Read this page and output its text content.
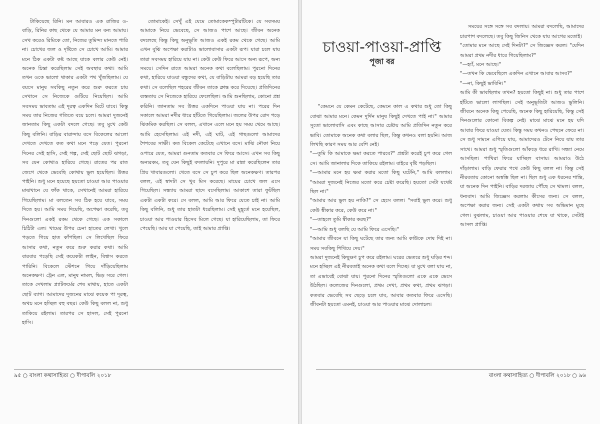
টাকিয়েছে রিনি। মন আবারও এক রাজির ও-বাড়ি, রিনির কাছ থেকে যে আমার মন বন্য আমায়। সেখ করেও রিমিকে তো, নিজের তুমিন্দ্য মানতে পারি না। চোখের জল ও দৃষ্টিতে সে চোখে আমি। আমার মনে ঠিক একটা কষ্ট আছে যাকে বলার কেউ নেই। অনেক চিন্তা করেছিলাম সেই অবস্থার কথা। আমি তখন ওকে ভালো থাকার একটা পথ খুঁজছিলাম। যে বয়সে মানুষ সবকিছু নতুন করে শুরু করতে চায় সেখানে সে নিজেকে গুটিয়ে নিয়েছিল। আমি সবসময় ভাবতাম এই দূরত্ব একদিন মিটে যাবে। কিন্তু সময় তার নিজের গতিতে বয়ে চলে। আমরা দুজনেই জানতাম কিছু একটা বদলে গেছে। তবু মুখে কেউ কিছু বলিনি। বাড়ির বারান্দায় বসে বিকেলের আলো দেখতে দেখতে কত কথা মনে পড়ে যেত। পুরনো দিনের সেই হাসি, সেই গল্প, সেই ছোট ছোট ঝগড়া, সব যেন কোথাও হারিয়ে গেছে। রাতের পর রাত জেগে থেকে ভেবেছি কোথায় ভুল হয়েছিল। উত্তর পাইনি। শুধু মনে হয়েছে হয়তো চাওয়া আর পাওয়ার মাঝখানে যে ফাঁক থাকে, সেখানেই আমরা হারিয়ে গিয়েছিলাম। মা বলতেন সব ঠিক হয়ে যাবে, সময় দিতে হয়। আমি সময় দিয়েছি, অপেক্ষা করেছি, তবু দিনগুলো একই রকম থেকে গেছে। এক সকালে চিঠিটা এল। খামের উপর চেনা হাতের লেখা। খুলে পড়তে গিয়ে হাত কাঁপছিল। সে লিখেছিল ফিরে আসার কথা, নতুন করে শুরু করার কথা। আমি বারবার পড়েছি সেই কয়েকটা লাইন, বিশ্বাস করতে পারিনি। বিকেলে স্টেশনে গিয়ে দাঁড়িয়েছিলাম অনেকক্ষণ। ট্রেন এল, মানুষ নামল, ভিড় সরে গেল। তাকে দেখলাম প্ল্যাটফর্মের শেষ মাথায়, হাতে একটা ছোট ব্যাগ। আমাদের দুজনের মাঝে কয়েক পা দূরত্ব, অথচ মনে হচ্ছিল বহু বছর। কেউ কিছু বলল না, শুধু তাকিয়ে রইলাম। তারপর সে হাসল, সেই পুরনো হাসি।

তোমাকেই। সেখুঁ এই যেমে তোমাকেকম্পুটারটিকে। যে সবসময় আমাকে নিয়ে ভেবেছে, সে আজও পাশে আছে। জীবন অনেক বদলেছে কিন্তু কিছু অনুভূতি আজও একই রকম থেকে গেছে। আমি এখন বুঝি অপেক্ষা করাটাও ভালোবাসার একটা রূপ। যারা চলে যায় তারা সবসময় হারিয়ে যায় না। কেউ কেউ ফিরে আসে অন্য রূপে, অন্য সময়ে। সেদিন রাতে আমরা অনেক কথা বলেছিলাম। পুরনো দিনের কথা, হারিয়ে যাওয়া বন্ধুদের কথা, যে বাড়িটায় আমরা বড় হয়েছি তার কথা। সে বলেছিল শহরের জীবন তাকে ক্লান্ত করে দিয়েছে। প্রতিদিনের ব্যস্ততায় সে নিজেকে হারিয়ে ফেলেছিল। আমি শুনছিলাম, কোনো প্রশ্ন করিনি। জানতাম সব উত্তর একদিনে পাওয়া যায় না। পরের দিন সকালে আমরা নদীর ধারে হাঁটতে গিয়েছিলাম। জলের উপর রোদ পড়ে ঝিকমিক করছিল। সে বলল, এখানে এলে মনে হয় সময় থেমে আছে। আমি হেসেছিলাম। এই নদী, এই ঘাট, এই গাছগুলো আমাদের শৈশবের সাক্ষী। কত বিকেল কেটেছে এখানে বসে। মাঝি নৌকা নিয়ে ওপারে যেত, আমরা গুনতাম কতবার সে ফিরে আসে। এখন সব কিছু অন্যরকম, তবু যেন কিছুই বদলায়নি। দুপুরে মা রান্না করেছিলেন তার প্রিয় খাবারগুলো। খেতে বসে সে চুপ করে ছিল অনেকক্ষণ। তারপর বলল, এই স্বাদটা সে খুব মিস করেছে। মায়ের চোখে জল এসে গিয়েছিল। সন্ধ্যায় আমরা ছাদে বসেছিলাম। আকাশে তারা ফুটছিল একটা একটা করে। সে বলল, আমি আর ফিরে যেতে চাই না। আমি কিছু বলিনি, শুধু তার হাতটা ধরেছিলাম। সেই মুহূর্তে মনে হয়েছিল, চাওয়া আর পাওয়ার হিসেব মিলে গেছে। যা হারিয়েছিলাম, তা ফিরে পেয়েছি। আর যা পেয়েছি, তাই আমার প্রাপ্তি।

৯৫ ○ বাংলা কথাসাহিত্য ○ দীপাবলি ২০১৮

"কেমনে যে কেমন কেটেছে, কেমনে কাল এ কথার শুধু তো কিছু বোঝা আমার মনে। কেমন দুর্দিন মানুষ কিছুই দেখতে পাই না।" আমার সুতো ভালোবাসি এবং কাছে আসার চেষ্টায় আমি প্রতিদিন নতুন করে ভাবি। তোমাকে অনেক কথা বলার ছিল, কিন্তু কখনও বলা হয়নি। আজ লিখছি কারণ সময় আর বেশি নেই।
"—তুমি কি আমাকে ক্ষমা করতে পারবে?" প্রশ্নটা করেই চুপ করে গেল সে। আমি জানালার দিকে তাকিয়ে রইলাম। বাইরে বৃষ্টি পড়ছিল।
"—আমার মনে হয় ক্ষমা করার মতো কিছু ঘটেনি," আমি বললাম। "আমরা দুজনেই নিজের মতো করে চেষ্টা করেছি। হয়তো সেটা যথেষ্ট ছিল না।"
"আমার আর ভুল হয় নাকি?" সে হেসে বলল। "সবাই ভুল করে। শুধু কেউ স্বীকার করে, কেউ করে না।"
"—তাহলে তুমি স্বীকার করছ?"
"—আমি শুধু বলছি যে আমি ফিরে এসেছি।"
"আমার জীবনে যা কিছু ঘটেছে তার জন্য আমি কাউকে দোষ দিই না। সময় সবকিছু শিখিয়ে দেয়।"
আমরা দুজনেই কিছুক্ষণ চুপ করে রইলাম। ঘরের ভেতরে শুধু ঘড়ির শব্দ। মনে হচ্ছিল এই নীরবতাই অনেক কথা বলে দিচ্ছে। যা মুখে বলা যায় না, তা এভাবেই বোঝা যায়। পুরনো দিনের স্মৃতিগুলো একে একে ভেসে উঠছিল। কলেজের দিনগুলো, প্রথম দেখা, প্রথম কথা, প্রথম ঝগড়া। কতবার ভেবেছি সব ছেড়ে চলে যাব, আবার কতবার ফিরে এসেছি। জীবনটা হয়তো এমনই, চাওয়া আর পাওয়ার মাঝে দোলাচল।

সময়ের সঙ্গে সঙ্গে সব বদলায়। আমরা বদলেছি, আমাদের চারপাশ বদলেছে। তবু কিছু জিনিস থেকে যায় আগের মতোই।
"তোমার মনে আছে সেই দিনটা?" সে জিজ্ঞেস করল। "যেদিন আমরা প্রথম নদীর ধারে গিয়েছিলাম?"
"—হ্যাঁ, মনে আছে।"
"—তখন কি ভেবেছিলে একদিন এখানে আবার আসব?"
"—না, কিছুই ভাবিনি।"
আমি কী ভাবছিলাম তখন? হয়তো কিছুই না। শুধু তার পাশে হাঁটতে ভালো লাগছিল। সেই অনুভূতিটা আজও ভুলিনি। জীবনে অনেক কিছু পেয়েছি, অনেক কিছু হারিয়েছি, কিন্তু সেই দিনগুলোর কোনো বিকল্প নেই। মাঝে মাঝে মনে হয় যদি আবার ফিরে যাওয়া যেত। কিন্তু সময় কখনও পেছনে ফেরে না। সে শুধু সামনে এগিয়ে যায়, আমাদেরও টেনে নিয়ে যায় তার সাথে। আমরা শুধু স্মৃতিগুলো আঁকড়ে ধরে রাখি। সন্ধ্যা নেমে আসছিল। পাখিরা ফিরে যাচ্ছিল বাসায়। আমরাও উঠে দাঁড়ালাম। বাড়ি ফেরার পথে কেউ কিছু বলল না। কিন্তু সেই নীরবতায় কোনো অস্বস্তি ছিল না। ছিল শুধু এক ধরনের শান্তি, যা অনেক দিন পাইনি। বাড়ির দরজায় পৌঁছে সে থামল। বলল, ধন্যবাদ। আমি জিজ্ঞেস করলাম কীসের জন্য। সে বলল, অপেক্ষা করার জন্য। সেই একটা কথায় সব অভিমান মুছে গেল। বুঝলাম, চাওয়া আর পাওয়ার শেষে যা থাকে, সেটাই আসল প্রাপ্তি।

বাংলা কথাসাহিত্য ○ দীপাবলি ২০১৮ ○ ৯৬
চাওয়া-পাওয়া-প্রাপ্তি
পূজা বর
